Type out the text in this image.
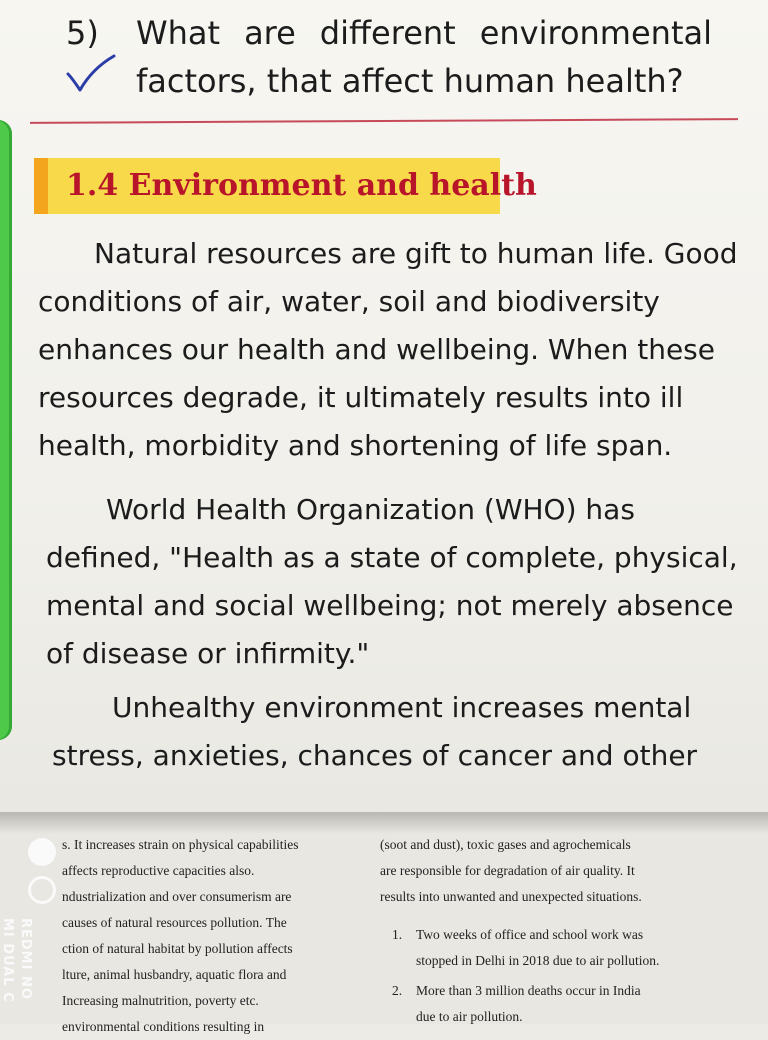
5) What are different environmental
factors, that affect human health?
1.4 Environment and health
Natural resources are gift to human life. Good
conditions of air, water, soil and biodiversity
enhances our health and wellbeing. When these
resources degrade, it ultimately results into ill
health, morbidity and shortening of life span.
World Health Organization (WHO) has
defined, "Health as a state of complete, physical,
mental and social wellbeing; not merely absence
of disease or infirmity."
Unhealthy environment increases mental
stress, anxieties, chances of cancer and other
s. It increases strain on physical capabilities
affects reproductive capacities also.
ndustrialization and over consumerism are
causes of natural resources pollution. The
ction of natural habitat by pollution affects
lture, animal husbandry, aquatic flora and
Increasing malnutrition, poverty etc.
environmental conditions resulting in
(soot and dust), toxic gases and agrochemicals
are responsible for degradation of air quality. It
results into unwanted and unexpected situations.
1.	Two weeks of office and school work was
stopped in Delhi in 2018 due to air pollution.
2.	More than 3 million deaths occur in India
due to air pollution.
REDMI NO
MI DUAL C
